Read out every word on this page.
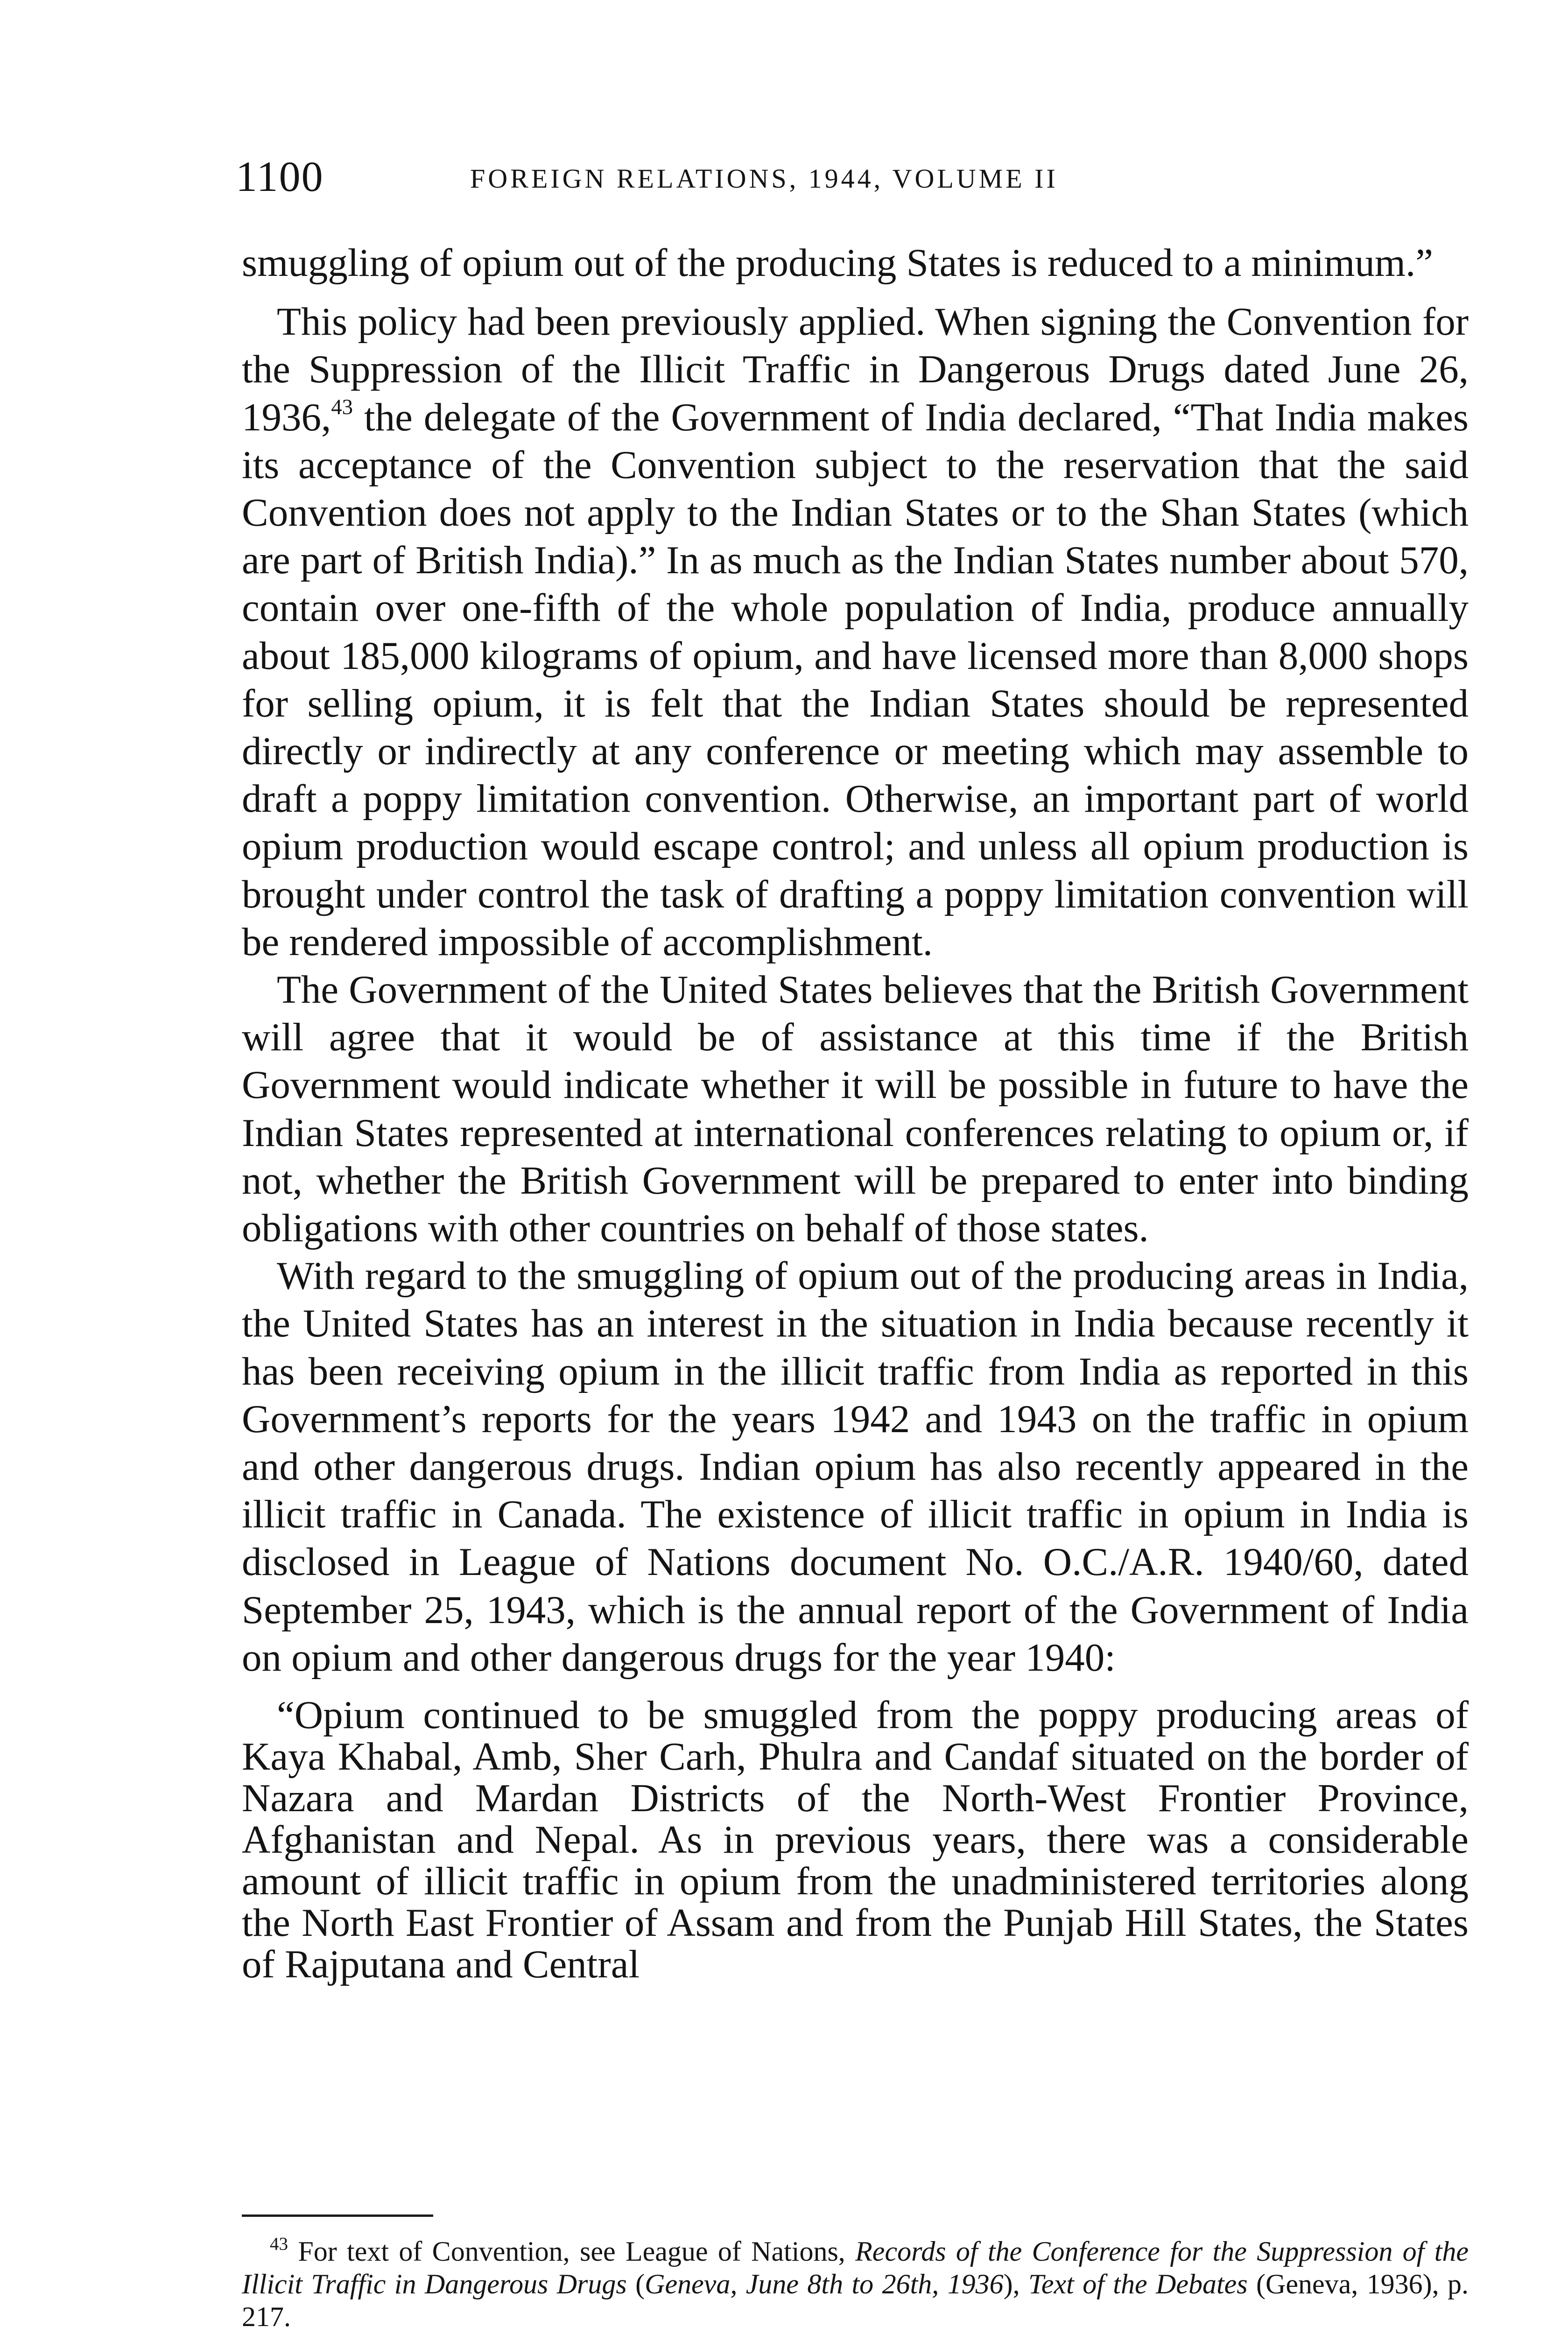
1100	FOREIGN RELATIONS, 1944, VOLUME II

smuggling of opium out of the producing States is reduced to a minimum.”

This policy had been previously applied. When signing the Convention for the Suppression of the Illicit Traffic in Dangerous Drugs dated June 26, 1936,43 the delegate of the Government of India declared, “That India makes its acceptance of the Convention subject to the reservation that the said Convention does not apply to the Indian States or to the Shan States (which are part of British India).” In as much as the Indian States number about 570, contain over one-fifth of the whole population of India, produce annually about 185,000 kilograms of opium, and have licensed more than 8,000 shops for selling opium, it is felt that the Indian States should be represented directly or indirectly at any conference or meeting which may assemble to draft a poppy limitation convention. Otherwise, an important part of world opium production would escape control; and unless all opium production is brought under control the task of drafting a poppy limitation convention will be rendered impossible of accomplishment.

The Government of the United States believes that the British Government will agree that it would be of assistance at this time if the British Government would indicate whether it will be possible in future to have the Indian States represented at international conferences relating to opium or, if not, whether the British Government will be prepared to enter into binding obligations with other countries on behalf of those states.

With regard to the smuggling of opium out of the producing areas in India, the United States has an interest in the situation in India because recently it has been receiving opium in the illicit traffic from India as reported in this Government’s reports for the years 1942 and 1943 on the traffic in opium and other dangerous drugs. Indian opium has also recently appeared in the illicit traffic in Canada. The existence of illicit traffic in opium in India is disclosed in League of Nations document No. O.C./A.R. 1940/60, dated September 25, 1943, which is the annual report of the Government of India on opium and other dangerous drugs for the year 1940:

“Opium continued to be smuggled from the poppy producing areas of Kaya Khabal, Amb, Sher Carh, Phulra and Candaf situated on the border of Nazara and Mardan Districts of the North-West Frontier Province, Afghanistan and Nepal. As in previous years, there was a considerable amount of illicit traffic in opium from the unadministered territories along the North East Frontier of Assam and from the Punjab Hill States, the States of Rajputana and Central

$^{43}$ For text of Convention, see League of Nations, Records of the Conference for the Suppression of the Illicit Traffic in Dangerous Drugs (Geneva, June 8th to 26th, 1936), Text of the Debates (Geneva, 1936), p. 217.
